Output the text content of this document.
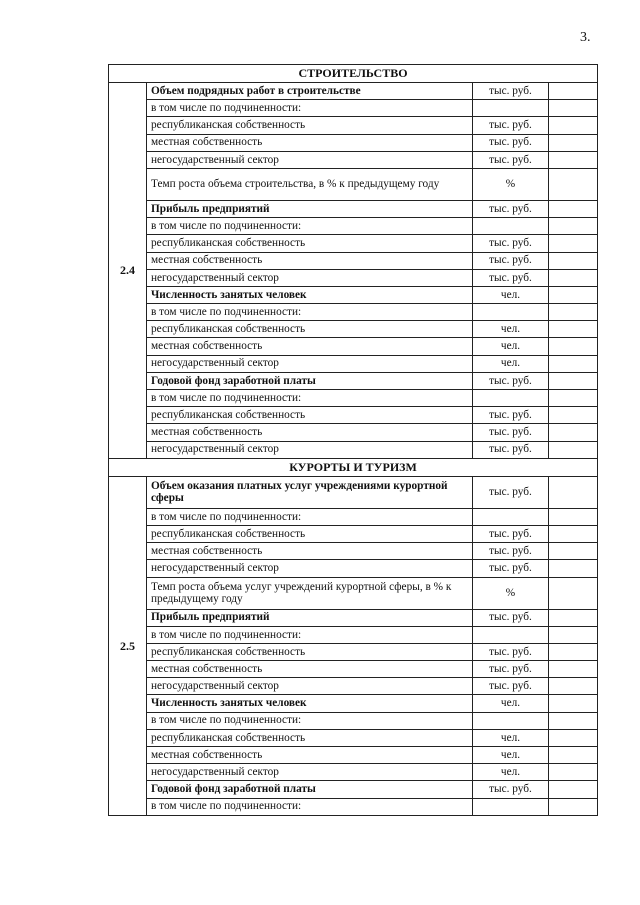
3.
СТРОИТЕЛЬСТВО			
2.4	Объем подрядных работ в строительстве	тыс. руб.	
	в том числе по подчиненности:		
	республиканская собственность	тыс. руб.	
	местная собственность	тыс. руб.	
	негосударственный сектор	тыс. руб.	
	Темп роста объема строительства, в % к предыдущему году	%	
	Прибыль предприятий	тыс. руб.	
	в том числе по подчиненности:		
	республиканская собственность	тыс. руб.	
	местная собственность	тыс. руб.	
	негосударственный сектор	тыс. руб.	
	Численность занятых человек	чел.	
	в том числе по подчиненности:		
	республиканская собственность	чел.	
	местная собственность	чел.	
	негосударственный сектор	чел.	
	Годовой фонд заработной платы	тыс. руб.	
	в том числе по подчиненности:		
	республиканская собственность	тыс. руб.	
	местная собственность	тыс. руб.	
	негосударственный сектор	тыс. руб.	
КУРОРТЫ И ТУРИЗМ			
2.5	Объем оказания платных услуг учреждениями курортной сферы	тыс. руб.	
	в том числе по подчиненности:		
	республиканская собственность	тыс. руб.	
	местная собственность	тыс. руб.	
	негосударственный сектор	тыс. руб.	
	Темп роста объема услуг учреждений курортной сферы, в % к предыдущему году	%	
	Прибыль предприятий	тыс. руб.	
	в том числе по подчиненности:		
	республиканская собственность	тыс. руб.	
	местная собственность	тыс. руб.	
	негосударственный сектор	тыс. руб.	
	Численность занятых человек	чел.	
	в том числе по подчиненности:		
	республиканская собственность	чел.	
	местная собственность	чел.	
	негосударственный сектор	чел.	
	Годовой фонд заработной платы	тыс. руб.	
	в том числе по подчиненности:		
